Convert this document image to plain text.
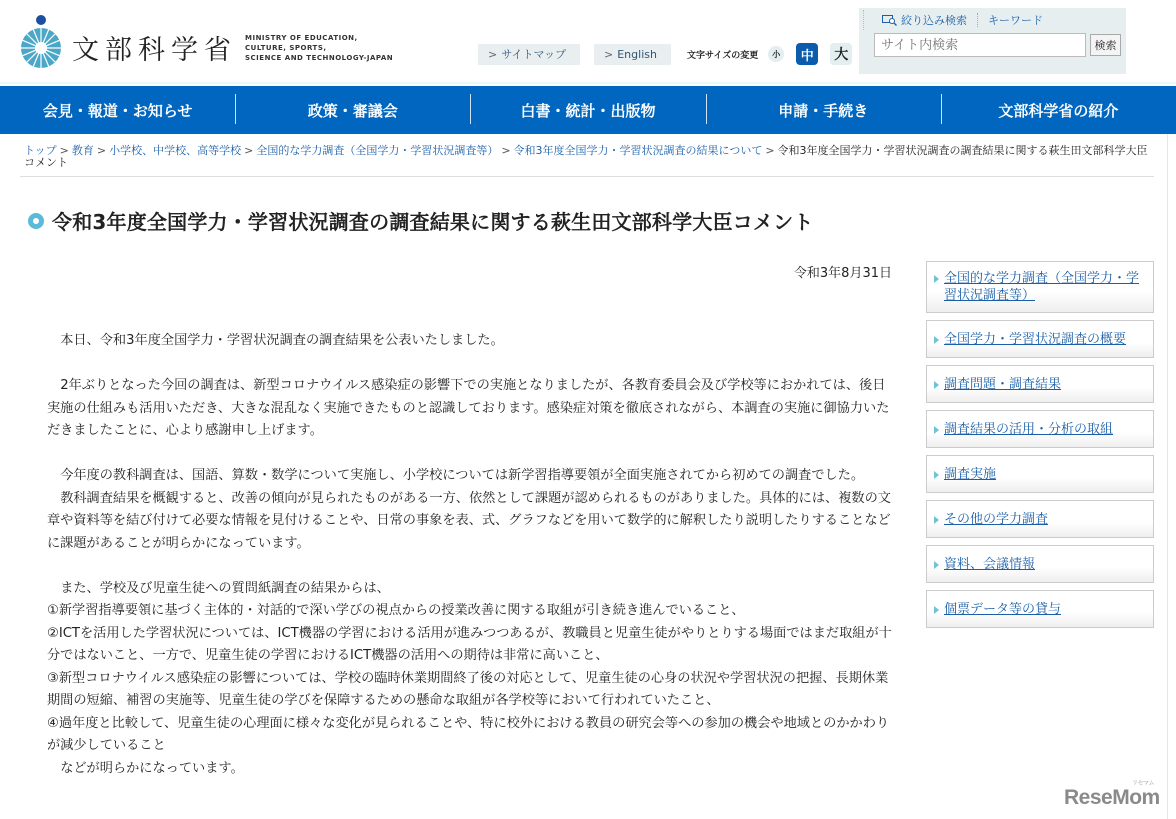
文部科学省 MINISTRY OF EDUCATION,
CULTURE, SPORTS,
SCIENCE AND TECHNOLOGY-JAPAN	> サイトマップ	> English	文字サイズの変更	小	中	大
絞り込み検索 キーワード
サイト内検索
検索
会見・報道・お知らせ	政策・審議会	白書・統計・出版物	申請・手続き	文部科学省の紹介
トップ > 教育 > 小学校、中学校、高等学校 > 全国的な学力調査（全国学力・学習状況調査等） > 令和3年度全国学力・学習状況調査の結果について > 令和3年度全国学力・学習状況調査の調査結果に関する萩生田文部科学大臣コメント
令和3年度全国学力・学習状況調査の調査結果に関する萩生田文部科学大臣コメント
令和3年8月31日

本日、令和3年度全国学力・学習状況調査の調査結果を公表いたしました。

2年ぶりとなった今回の調査は、新型コロナウイルス感染症の影響下での実施となりましたが、各教育委員会及び学校等におかれては、後日実施の仕組みも活用いただき、大きな混乱なく実施できたものと認識しております。感染症対策を徹底されながら、本調査の実施に御協力いただきましたことに、心より感謝申し上げます。

今年度の教科調査は、国語、算数・数学について実施し、小学校については新学習指導要領が全面実施されてから初めての調査でした。

教科調査結果を概観すると、改善の傾向が見られたものがある一方、依然として課題が認められるものがありました。具体的には、複数の文章や資料等を結び付けて必要な情報を見付けることや、日常の事象を表、式、グラフなどを用いて数学的に解釈したり説明したりすることなどに課題があることが明らかになっています。

また、学校及び児童生徒への質問紙調査の結果からは、

①新学習指導要領に基づく主体的・対話的で深い学びの視点からの授業改善に関する取組が引き続き進んでいること、

②ICTを活用した学習状況については、ICT機器の学習における活用が進みつつあるが、教職員と児童生徒がやりとりする場面ではまだ取組が十分ではないこと、一方で、児童生徒の学習におけるICT機器の活用への期待は非常に高いこと、

③新型コロナウイルス感染症の影響については、学校の臨時休業期間終了後の対応として、児童生徒の心身の状況や学習状況の把握、長期休業期間の短縮、補習の実施等、児童生徒の学びを保障するための懸命な取組が各学校等において行われていたこと、

④過年度と比較して、児童生徒の心理面に様々な変化が見られることや、特に校外における教員の研究会等への参加の機会や地域とのかかわりが減少していること

などが明らかになっています。

全国的な学力調査（全国学力・学習状況調査等）
全国学力・学習状況調査の概要
調査問題・調査結果
調査結果の活用・分析の取組
調査実施
その他の学力調査
資料、会議情報
個票データ等の貸与
ReseMom
リセマム
